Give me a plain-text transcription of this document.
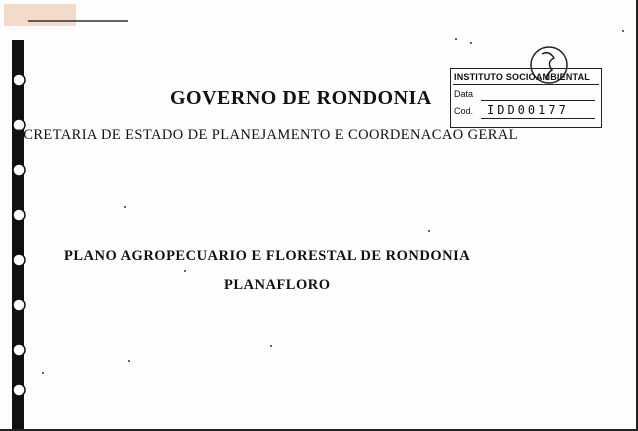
GOVERNO DE RONDONIA
ECRETARIA DE ESTADO DE PLANEJAMENTO E COORDENACAO GERAL
PLANO AGROPECUARIO E FLORESTAL DE RONDONIA
PLANAFLORO
INSTITUTO SOCIOAMBIENTAL
Data
Cod. IDD00177
